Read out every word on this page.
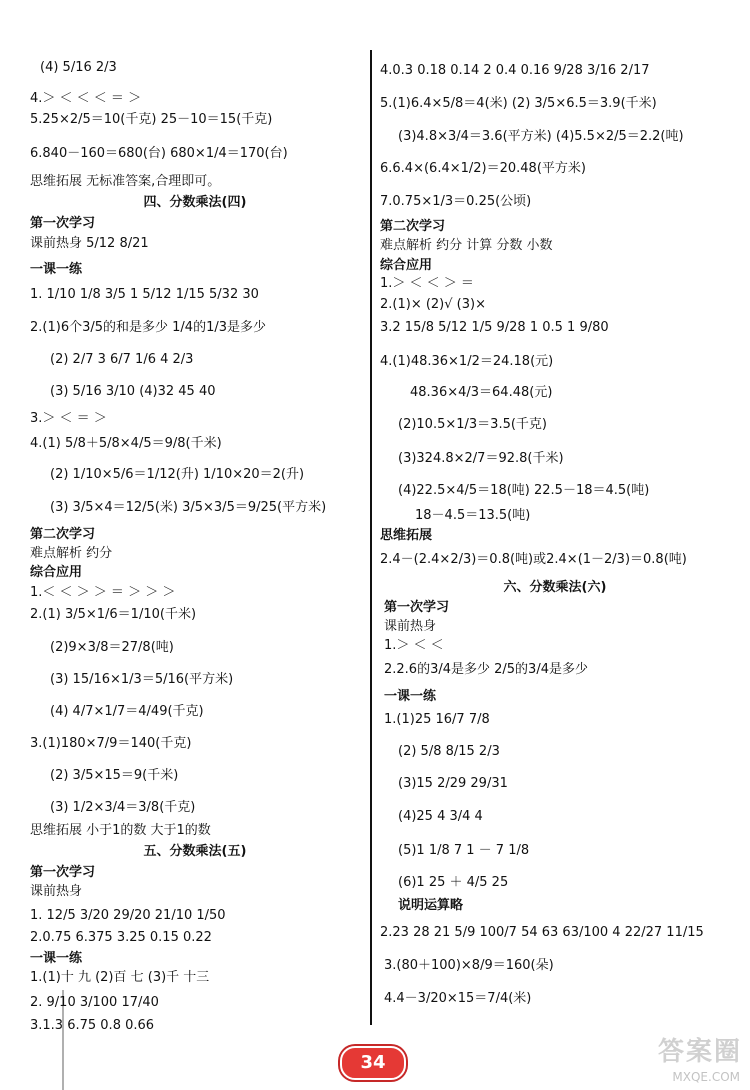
(4) 5/16 2/3
4.＞ ＜ ＜ ＜ ＝ ＞
5.25×2/5＝10(千克) 25－10＝15(千克)
6.840－160＝680(台) 680×1/4＝170(台)
思维拓展 无标准答案,合理即可。
四、分数乘法(四)
第一次学习
课前热身 5/12 8/21
一课一练
1. 1/10 1/8 3/5 1 5/12 1/15 5/32 30
2.(1)6个3/5的和是多少 1/4的1/3是多少
(2) 2/7 3 6/7 1/6 4 2/3
(3) 5/16 3/10 (4)32 45 40
3.＞ ＜ ＝ ＞
4.(1) 5/8＋5/8×4/5＝9/8(千米)
(2) 1/10×5/6＝1/12(升) 1/10×20＝2(升)
(3) 3/5×4＝12/5(米) 3/5×3/5＝9/25(平方米)
第二次学习
难点解析 约分
综合应用
1.＜ ＜ ＞ ＞ ＝ ＞ ＞ ＞
2.(1) 3/5×1/6＝1/10(千米)
(2)9×3/8＝27/8(吨)
(3) 15/16×1/3＝5/16(平方米)
(4) 4/7×1/7＝4/49(千克)
3.(1)180×7/9＝140(千克)
(2) 3/5×15＝9(千米)
(3) 1/2×3/4＝3/8(千克)
思维拓展 小于1的数 大于1的数
五、分数乘法(五)
第一次学习
课前热身
1. 12/5 3/20 29/20 21/10 1/50
2.0.75 6.375 3.25 0.15 0.22
一课一练
1.(1)十 九 (2)百 七 (3)千 十三
2. 9/10 3/100 17/40
3.1.3 6.75 0.8 0.66
4.0.3 0.18 0.14 2 0.4 0.16 9/28 3/16 2/17
5.(1)6.4×5/8＝4(米) (2) 3/5×6.5＝3.9(千米)
(3)4.8×3/4＝3.6(平方米) (4)5.5×2/5＝2.2(吨)
6.6.4×(6.4×1/2)＝20.48(平方米)
7.0.75×1/3＝0.25(公顷)
第二次学习
难点解析 约分 计算 分数 小数
综合应用
1.＞ ＜ ＜ ＞ ＝
2.(1)× (2)√ (3)×
3.2 15/8 5/12 1/5 9/28 1 0.5 1 9/80
4.(1)48.36×1/2＝24.18(元)
48.36×4/3＝64.48(元)
(2)10.5×1/3＝3.5(千克)
(3)324.8×2/7＝92.8(千米)
(4)22.5×4/5＝18(吨) 22.5－18＝4.5(吨)
18－4.5＝13.5(吨)
思维拓展
2.4－(2.4×2/3)＝0.8(吨)或2.4×(1－2/3)＝0.8(吨)
六、分数乘法(六)
第一次学习
课前热身
1.＞ ＜ ＜
2.2.6的3/4是多少 2/5的3/4是多少
一课一练
1.(1)25 16/7 7/8
(2) 5/8 8/15 2/3
(3)15 2/29 29/31
(4)25 4 3/4 4
(5)1 1/8 7 1 － 7 1/8
(6)1 25 ＋ 4/5 25
说明运算略
2.23 28 21 5/9 100/7 54 63 63/100 4 22/27 11/15
3.(80＋100)×8/9＝160(朵)
4.4－3/20×15＝7/4(米)
34	答案圈
MXQE.COM
